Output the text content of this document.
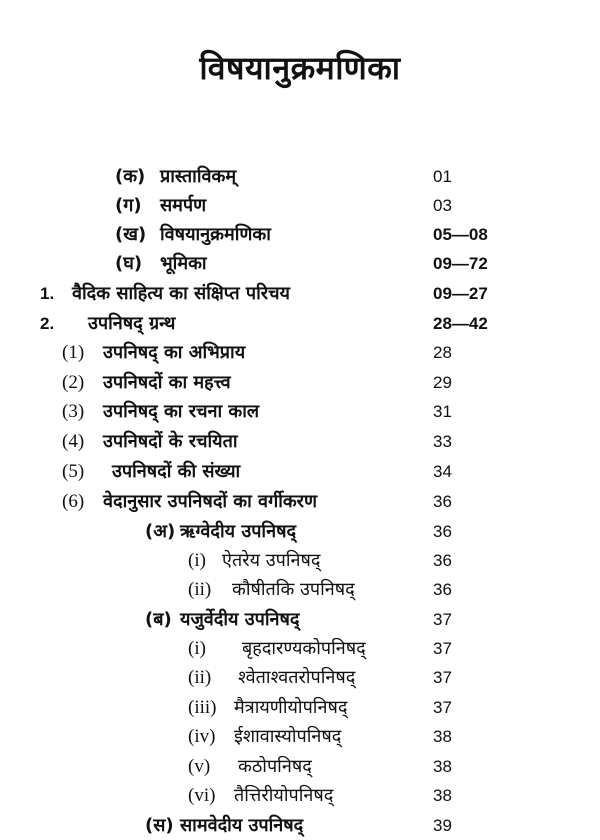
विषयानुक्रमणिका
(क) प्रास्ताविकम्	01
(ग) समर्पण	03
(ख) विषयानुक्रमणिका	05—08
(घ) भूमिका	09—72
1. वैदिक साहित्य का संक्षिप्त परिचय	09—27
2. उपनिषद् ग्रन्थ	28—42
(1) उपनिषद् का अभिप्राय	28
(2) उपनिषदों का महत्त्व	29
(3) उपनिषद् का रचना काल	31
(4) उपनिषदों के रचयिता	33
(5) उपनिषदों की संख्या	34
(6) वेदानुसार उपनिषदों का वर्गीकरण	36
(अ) ऋग्वेदीय उपनिषद्	36
(i) ऐतरेय उपनिषद्	36
(ii) कौषीतकि उपनिषद्	36
(ब) यजुर्वेदीय उपनिषद्	37
(i) बृहदारण्यकोपनिषद्	37
(ii) श्वेताश्वतरोपनिषद्	37
(iii) मैत्रायणीयोपनिषद्	37
(iv) ईशावास्योपनिषद्	38
(v) कठोपनिषद्	38
(vi) तैत्तिरीयोपनिषद्	38
(स) सामवेदीय उपनिषद्	39
